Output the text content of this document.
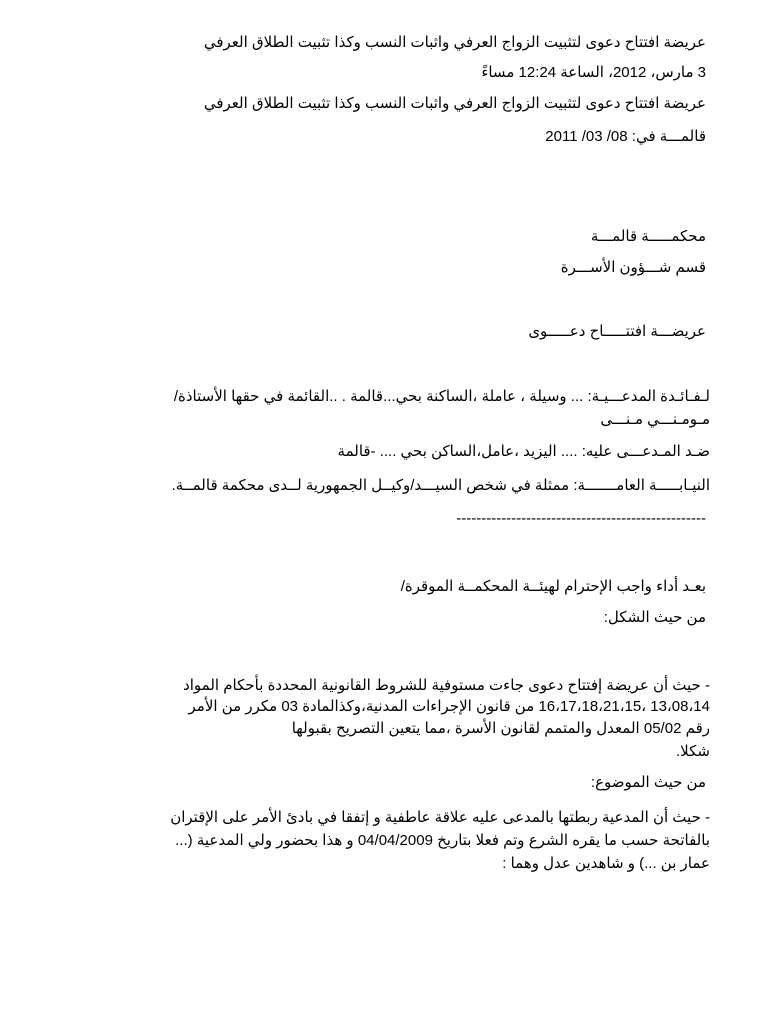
عريضة افتتاح دعوى لتثبيت الزواج العرفي واثبات النسب وكذا تثبيت الطلاق العرفي
3 مارس، 2012، الساعة 12:24 مساءً
عريضة افتتاح دعوى لتثبيت الزواج العرفي واثبات النسب وكذا تثبيت الطلاق العرفي
قالمـــة في: 08/ 03/ 2011
محكمـــــة قالمـــة
قسم شـــؤون الأســـرة
عريضـــة افتتـــــاح دعـــــوى
لـفـائـدة المدعـــيـة: ... وسيلة ، عاملة ،الساكنة بحي...قالمة . ..القائمة في حقها الأستاذة/
مـومـنـــي مـنـــى
ضـد المـدعـــى عليه: .... اليزيد ،عامل،الساكن بحي .... -قالمة
النيـابـــــة العامـــــــة: ممثلة في شخص السيـــد/وكيــل الجمهورية لــدى محكمة قالمــة.
--------------------------------------------------
بعـد أداء واجب الإحترام لهيئــة المحكمــة الموقرة/
من حيث الشكل:
- حيث أن عريضة إفتتاح دعوى جاءت مستوفية للشروط القانونية المحددة بأحكام المواد
13،08،14 ،16،17،18،21،15 من قانون الإجراءات المدنية،وكذالمادة 03 مكرر من الأمر
رقم 05/02 المعدل والمتمم لقانون الأسرة ،مما يتعين التصريح بقبولها
شكلا.
من حيث الموضوع:
- حيث أن المدعية ربطتها بالمدعى عليه علاقة عاطفية و إتفقا في بادئ الأمر على الإقتران
بالفاتحة حسب ما يقره الشرع وتم فعلا بتاريخ 04/04/2009 و هذا بحضور ولي المدعية (...
عمار بن ...) و شاهدين عدل وهما :
